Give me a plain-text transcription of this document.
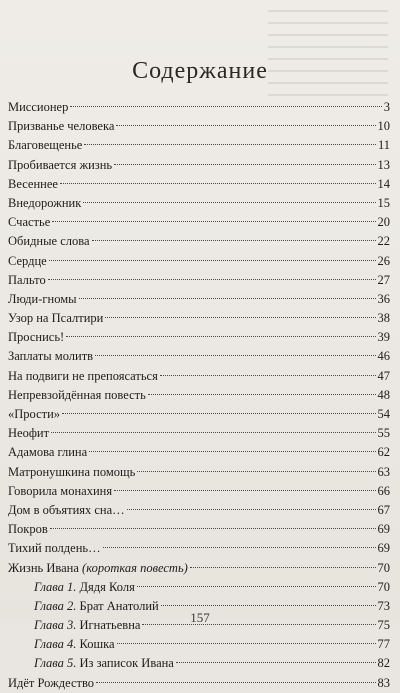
Содержание
Миссионер	3
Призванье человека	10
Благовещенье	11
Пробивается жизнь	13
Весеннее	14
Внедорожник	15
Счастье	20
Обидные слова	22
Сердце	26
Пальто	27
Люди-гномы	36
Узор на Псалтири	38
Проснись!	39
Заплаты молитв	46
На подвиги не препоясаться	47
Непревзойдённая повесть	48
«Прости»	54
Неофит	55
Адамова глина	62
Матронушкина помощь	63
Говорила монахиня	66
Дом в объятиях сна…	67
Покров	69
Тихий полдень…	69
Жизнь Ивана (короткая повесть)	70
Глава 1. Дядя Коля	70
Глава 2. Брат Анатолий	73
Глава 3. Игнатьевна	75
Глава 4. Кошка	77
Глава 5. Из записок Ивана	82
Идёт Рождество	83
157
